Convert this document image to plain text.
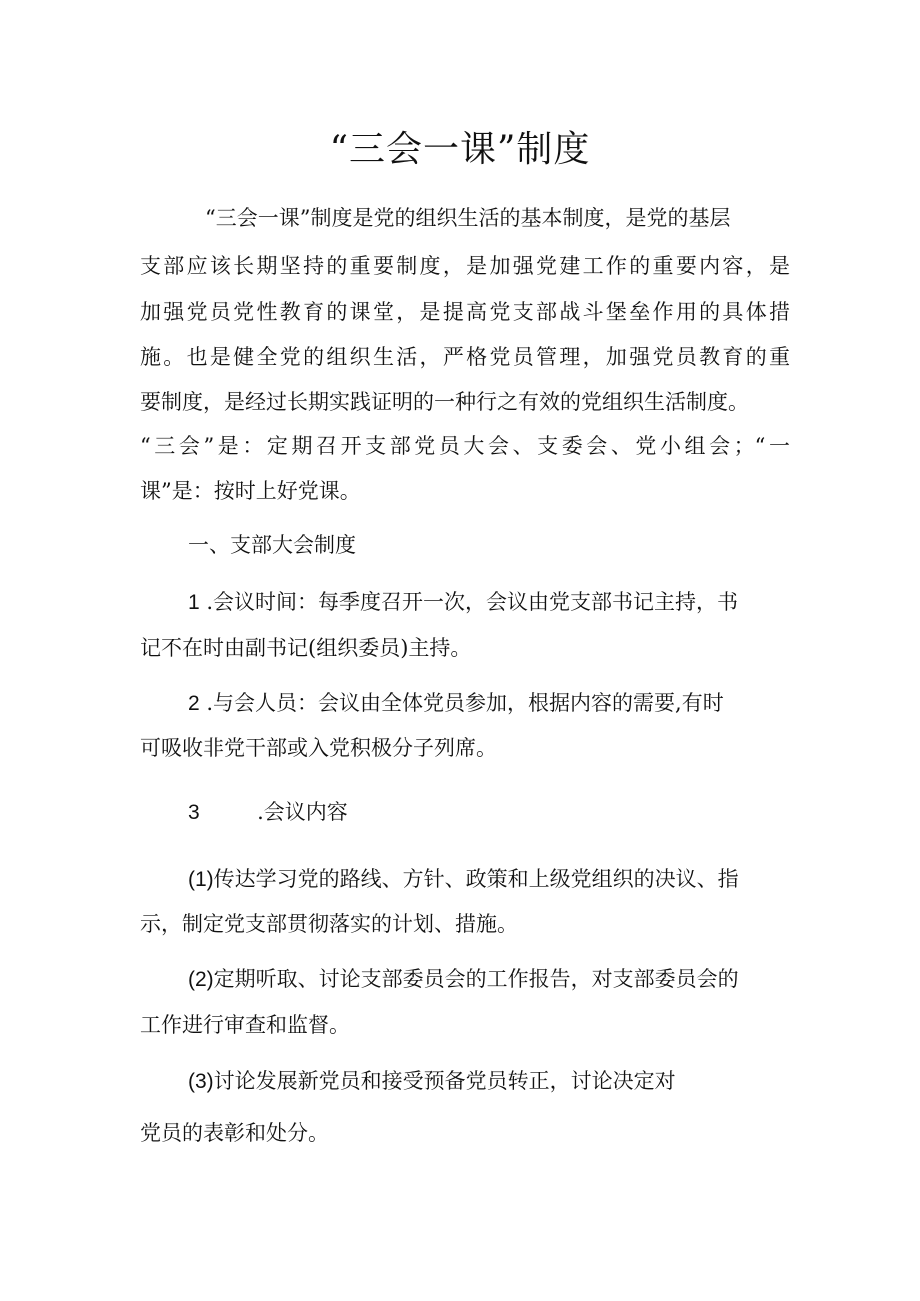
“三会一课”制度
“三会一课”制度是党的组织生活的基本制度，是党的基层
支部应该长期坚持的重要制度，是加强党建工作的重要内容，是
加强党员党性教育的课堂，是提高党支部战斗堡垒作用的具体措
施。也是健全党的组织生活，严格党员管理，加强党员教育的重
要制度，是经过长期实践证明的一种行之有效的党组织生活制度。
“三会”是：定期召开支部党员大会、支委会、党小组会；“一
课”是：按时上好党课。
一、支部大会制度
1 .会议时间：每季度召开一次，会议由党支部书记主持，书
记不在时由副书记(组织委员)主持。
2 .与会人员：会议由全体党员参加，根据内容的需要,有时
可吸收非党干部或入党积极分子列席。
3	.会议内容
(1)传达学习党的路线、方针、政策和上级党组织的决议、指
示，制定党支部贯彻落实的计划、措施。
(2)定期听取、讨论支部委员会的工作报告，对支部委员会的
工作进行审查和监督。
(3)讨论发展新党员和接受预备党员转正，讨论决定对
党员的表彰和处分。
